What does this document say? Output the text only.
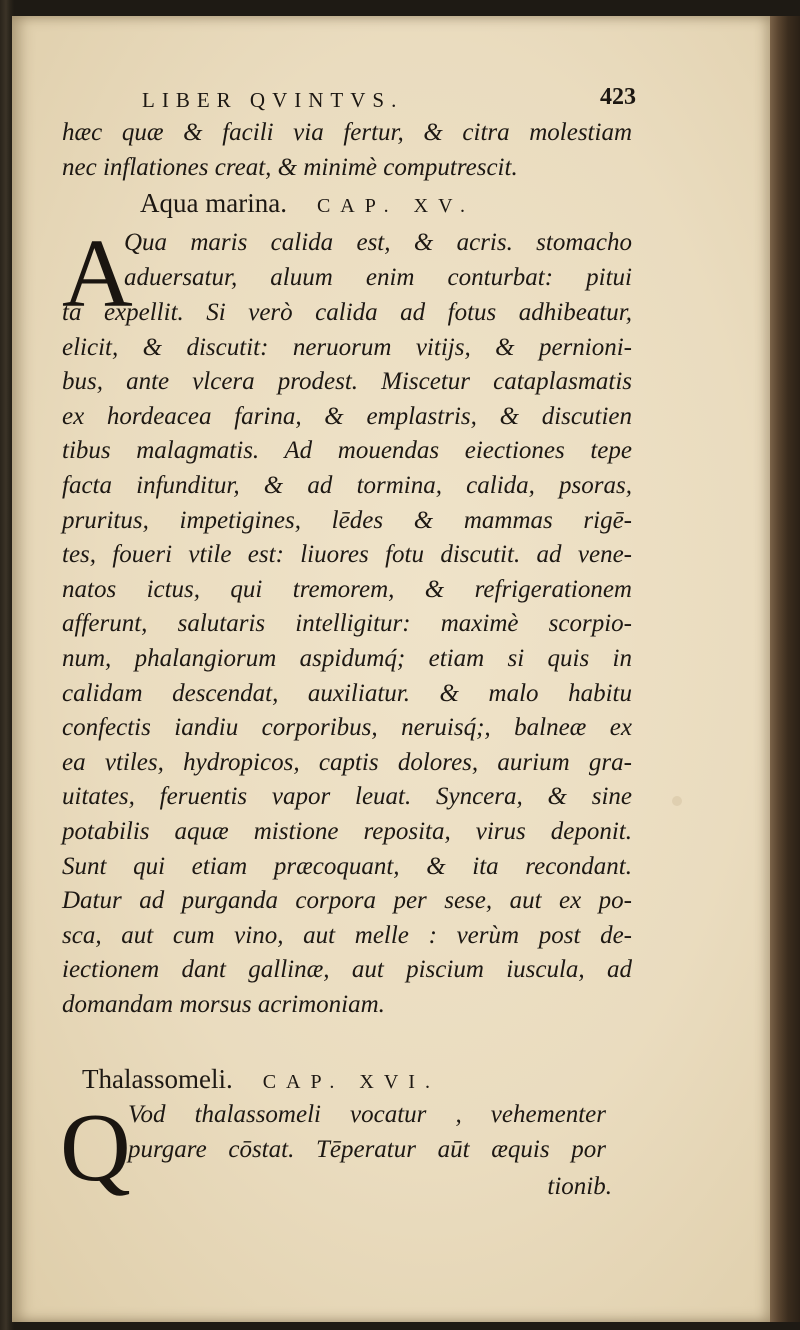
LIBER QVINTVS.	423
hæc quæ & facili via fertur, & citra molestiam
nec inflationes creat, & minimè computrescit.
Aqua marina. CAP. XV.
A
Qua maris calida est, & acris. stomacho
aduersatur, aluum enim conturbat: pitui
tā expellit. Si verò calida ad fotus adhibeatur,
elicit, & discutit: neruorum vitijs, & pernioni-
bus, ante vlcera prodest. Miscetur cataplasmatis
ex hordeacea farina, & emplastris, & discutien
tibus malagmatis. Ad mouendas eiectiones tepe
facta infunditur, & ad tormina, calida, psoras,
pruritus, impetigines, lēdes & mammas rigē-
tes, foueri vtile est: liuores fotu discutit. ad vene-
natos ictus, qui tremorem, & refrigerationem
afferunt, salutaris intelligitur: maximè scorpio-
num, phalangiorum aspidumq́; etiam si quis in
calidam descendat, auxiliatur. & malo habitu
confectis iandiu corporibus, neruisq́;, balneæ ex
ea vtiles, hydropicos, captis dolores, aurium gra-
uitates, feruentis vapor leuat. Syncera, & sine
potabilis aquæ mistione reposita, virus deponit.
Sunt qui etiam præcoquant, & ita recondant.
Datur ad purganda corpora per sese, aut ex po-
sca, aut cum vino, aut melle : verùm post de-
iectionem dant gallinæ, aut piscium iuscula, ad
domandam morsus acrimoniam.
Thalassomeli. CAP. XVI.
Q
Vod thalassomeli vocatur , vehementer
purgare cōstat. Tēperatur aūt æquis por
tionib.
